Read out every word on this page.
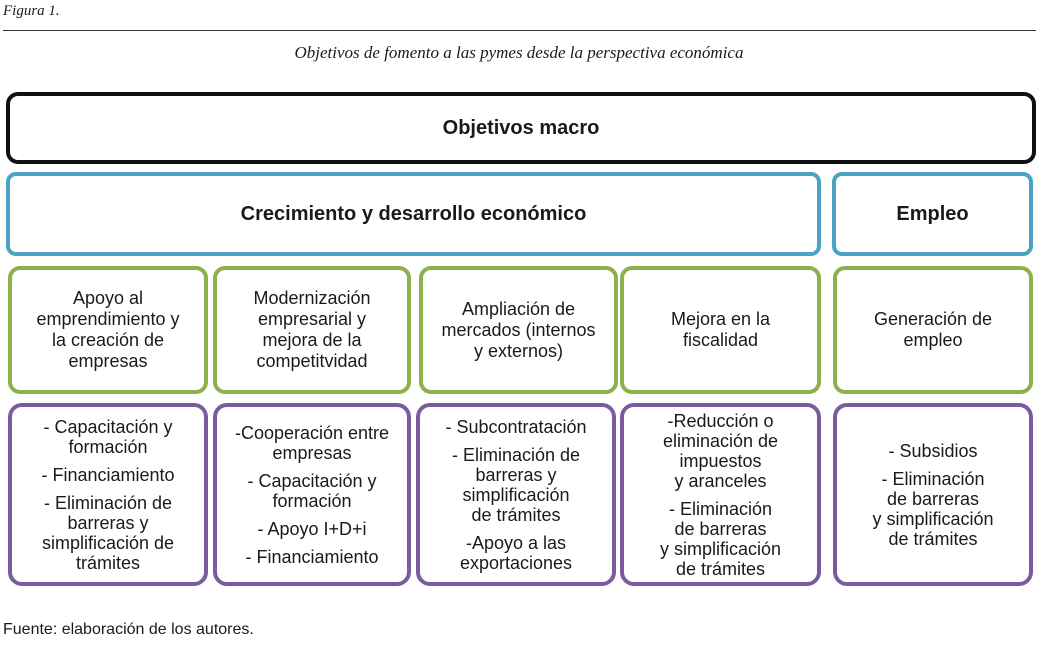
Figura 1.
Objetivos de fomento a las pymes desde la perspectiva económica
Objetivos macro
Crecimiento y desarrollo económico	Empleo
Apoyo al
emprendimiento y
la creación de
empresas
Modernización
empresarial y
mejora de la
competitvidad
Ampliación de
mercados (internos
y externos)
Mejora en la
fiscalidad
Generación de
empleo
- Capacitación y
formación
- Financiamiento
- Eliminación de
barreras y
simplificación de
trámites
-Cooperación entre
empresas
- Capacitación y
formación
- Apoyo I+D+i
- Financiamiento
- Subcontratación
- Eliminación de
barreras y
simplificación
de trámites
-Apoyo a las
exportaciones
-Reducción o
eliminación de
impuestos
y aranceles
- Eliminación
de barreras
y simplificación
de trámites
- Subsidios
- Eliminación
de barreras
y simplificación
de trámites
Fuente: elaboración de los autores.
